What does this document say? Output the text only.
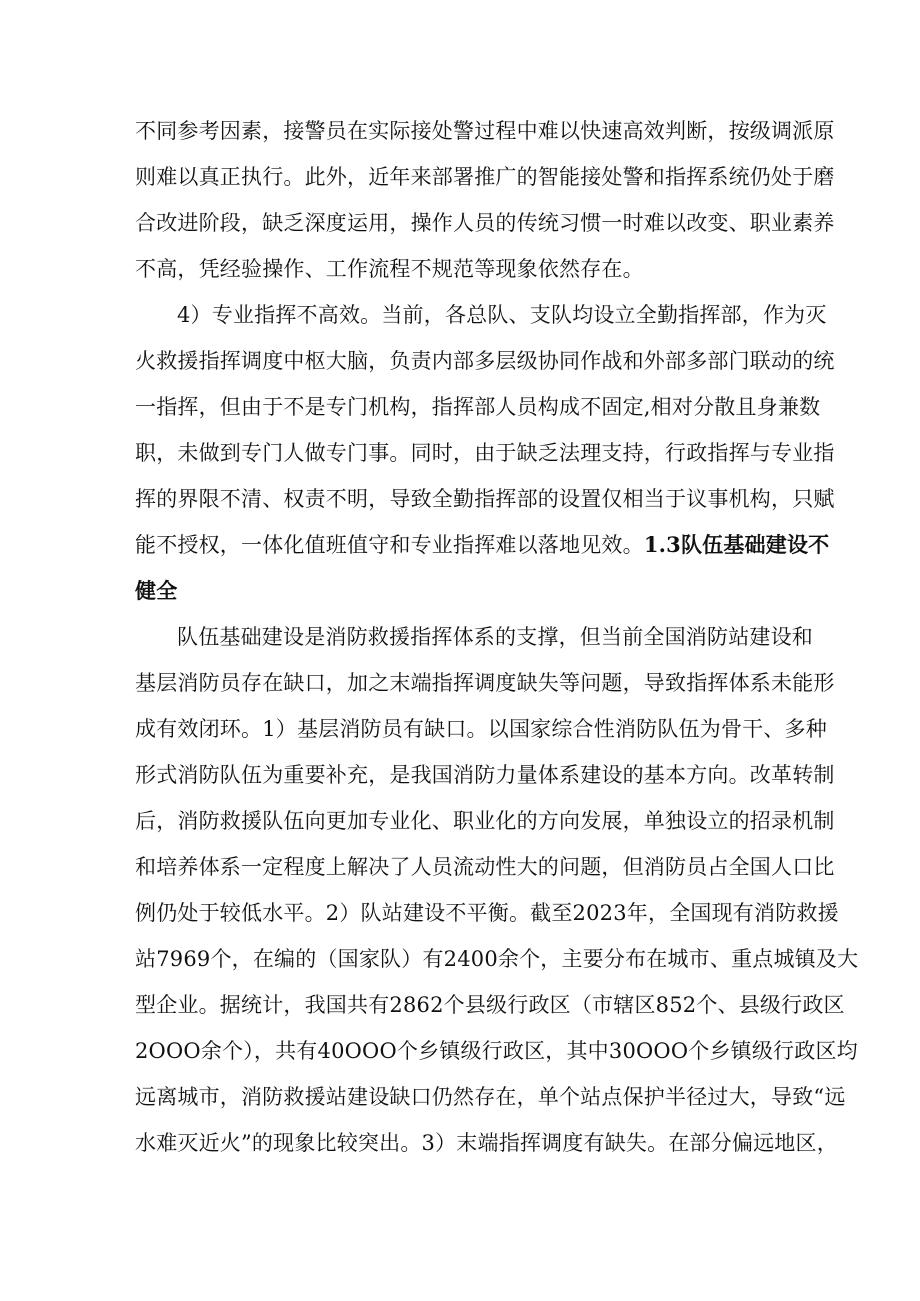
不同参考因素，接警员在实际接处警过程中难以快速高效判断，按级调派原
则难以真正执行。此外，近年来部署推广的智能接处警和指挥系统仍处于磨
合改进阶段，缺乏深度运用，操作人员的传统习惯一时难以改变、职业素养
不高，凭经验操作、工作流程不规范等现象依然存在。
4）专业指挥不高效。当前，各总队、支队均设立全勤指挥部，作为灭
火救援指挥调度中枢大脑，负责内部多层级协同作战和外部多部门联动的统
一指挥，但由于不是专门机构，指挥部人员构成不固定,相对分散且身兼数
职，未做到专门人做专门事。同时，由于缺乏法理支持，行政指挥与专业指
挥的界限不清、权责不明，导致全勤指挥部的设置仅相当于议事机构，只赋
能不授权，一体化值班值守和专业指挥难以落地见效。1.3队伍基础建设不
健全
队伍基础建设是消防救援指挥体系的支撑，但当前全国消防站建设和
基层消防员存在缺口，加之末端指挥调度缺失等问题，导致指挥体系未能形
成有效闭环。1）基层消防员有缺口。以国家综合性消防队伍为骨干、多种
形式消防队伍为重要补充，是我国消防力量体系建设的基本方向。改革转制
后，消防救援队伍向更加专业化、职业化的方向发展，单独设立的招录机制
和培养体系一定程度上解决了人员流动性大的问题，但消防员占全国人口比
例仍处于较低水平。2）队站建设不平衡。截至2023年，全国现有消防救援
站7969个，在编的（国家队）有2400余个，主要分布在城市、重点城镇及大
型企业。据统计，我国共有2862个县级行政区（市辖区852个、县级行政区
2OOO余个），共有40OOO个乡镇级行政区，其中30OOO个乡镇级行政区均
远离城市，消防救援站建设缺口仍然存在，单个站点保护半径过大，导致“远
水难灭近火”的现象比较突出。3）末端指挥调度有缺失。在部分偏远地区，
